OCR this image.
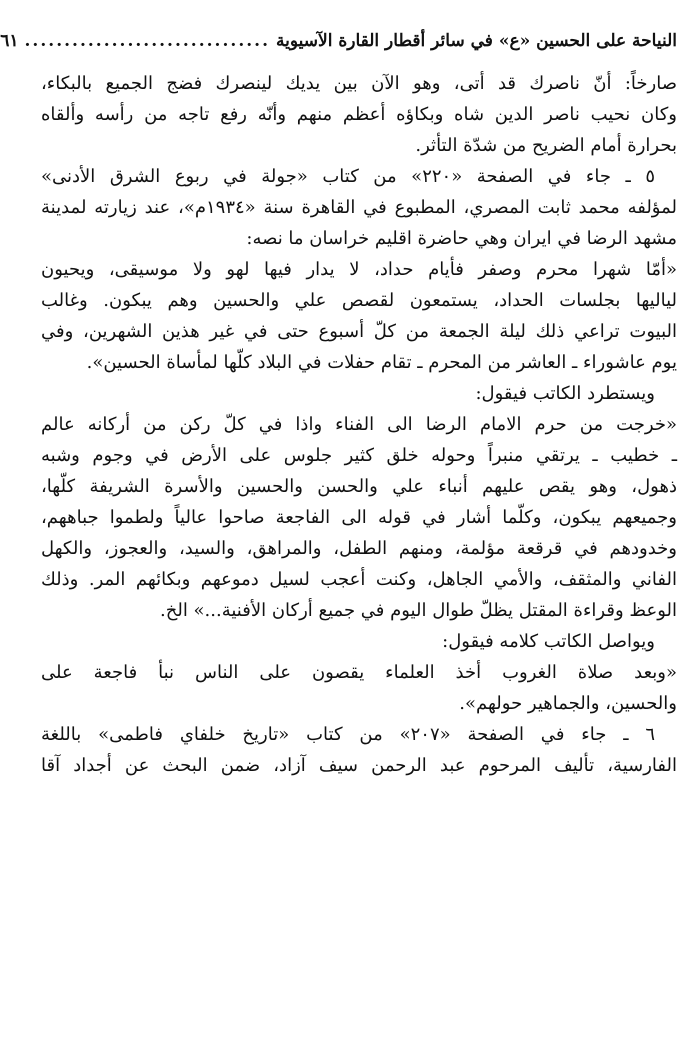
النياحة على الحسين «ع» في سائر أقطار القارة الآسيوية
...............................
٦١
صارخاً: أنّ ناصرك قد أتى، وهو الآن بين يديك لينصرك فضج الجميع بالبكاء،
وكان نحيب ناصر الدين شاه وبكاؤه أعظم منهم وأنّه رفع تاجه من رأسه وألقاه
بحرارة أمام الضريح من شدّة التأثر.
٥ ـ جاء في الصفحة «٢٢٠» من كتاب «جولة في ربوع الشرق الأدنى»
لمؤلفه محمد ثابت المصري، المطبوع في القاهرة سنة «١٩٣٤م»، عند زيارته لمدينة
مشهد الرضا في ايران وهي حاضرة اقليم خراسان ما نصه:
«أمّا شهرا محرم وصفر فأيام حداد، لا يدار فيها لهو ولا موسيقى، ويحيون
لياليها بجلسات الحداد، يستمعون لقصص علي والحسين وهم يبكون. وغالب
البيوت تراعي ذلك ليلة الجمعة من كلّ أسبوع حتى في غير هذين الشهرين، وفي
يوم عاشوراء ـ العاشر من المحرم ـ تقام حفلات في البلاد كلّها لمأساة الحسين».
ويستطرد الكاتب فيقول:
«خرجت من حرم الامام الرضا الى الفناء واذا في كلّ ركن من أركانه عالم
ـ خطيب ـ يرتقي منبراً وحوله خلق كثير جلوس على الأرض في وجوم وشبه
ذهول، وهو يقص عليهم أنباء علي والحسن والحسين والأسرة الشريفة كلّها،
وجميعهم يبكون، وكلّما أشار في قوله الى الفاجعة صاحوا عالياً ولطموا جباههم،
وخدودهم في قرقعة مؤلمة، ومنهم الطفل، والمراهق، والسيد، والعجوز، والكهل
الفاني والمثقف، والأمي الجاهل، وكنت أعجب لسيل دموعهم وبكائهم المر. وذلك
الوعظ وقراءة المقتل يظلّ طوال اليوم في جميع أركان الأفنية...» الخ.
ويواصل الكاتب كلامه فيقول:
«وبعد صلاة الغروب أخذ العلماء يقصون على الناس نبأ فاجعة على
والحسين، والجماهير حولهم».
٦ ـ جاء في الصفحة «٢٠٧» من كتاب «تاريخ خلفاي فاطمى» باللغة
الفارسية، تأليف المرحوم عبد الرحمن سيف آزاد، ضمن البحث عن أجداد آقا
